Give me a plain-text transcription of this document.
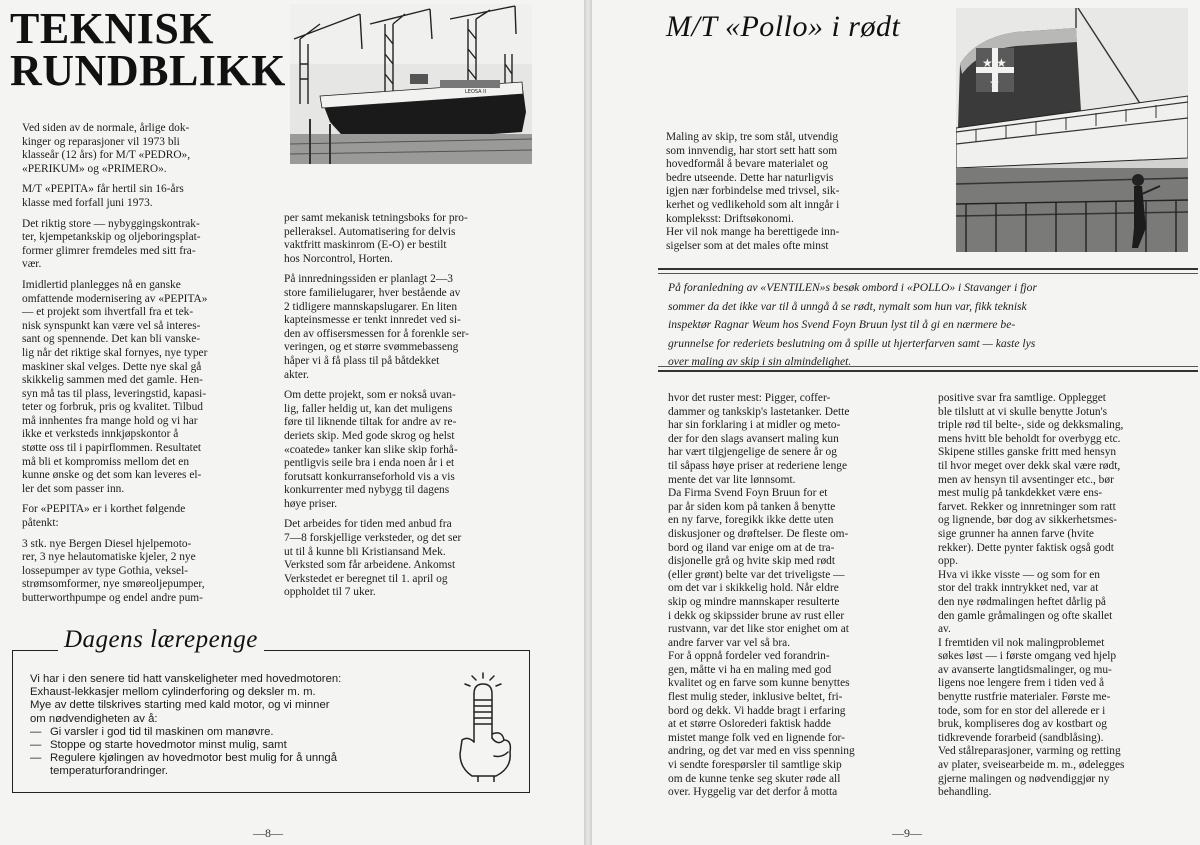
TEKNISK
RUNDBLIKK	LEOSA II

Ved siden av de normale, årlige dok-
kinger og reparasjoner vil 1973 bli
klasseår (12 års) for M/T «PEDRO»,
«PERIKUM» og «PRIMERO».

M/T «PEPITA» får hertil sin 16-års
klasse med forfall juni 1973.

Det riktig store — nybyggingskontrak-
ter, kjempetankskip og oljeboringsplat-
former glimrer fremdeles med sitt fra-
vær.

Imidlertid planlegges nå en ganske
omfattende modernisering av «PEPITA»
— et projekt som ihvertfall fra et tek-
nisk synspunkt kan være vel så interes-
sant og spennende. Det kan bli vanske-
lig når det riktige skal fornyes, nye typer
maskiner skal velges. Dette nye skal gå
skikkelig sammen med det gamle. Hen-
syn må tas til plass, leveringstid, kapasi-
teter og forbruk, pris og kvalitet. Tilbud
må innhentes fra mange hold og vi har
ikke et verksteds innkjøpskontor å
støtte oss til i papirflommen. Resultatet
må bli et kompromiss mellom det en
kunne ønske og det som kan leveres el-
ler det som passer inn.

For «PEPITA» er i korthet følgende
påtenkt:

3 stk. nye Bergen Diesel hjelpemoto-
rer, 3 nye helautomatiske kjeler, 2 nye
lossepumper av type Gothia, veksel-
strømsomformer, nye smøreoljepumper,
butterworthpumpe og endel andre pum-

per samt mekanisk tetningsboks for pro-
pelleraksel. Automatisering for delvis
vaktfritt maskinrom (E-O) er bestilt
hos Norcontrol, Horten.

På innredningssiden er planlagt 2—3
store familielugarer, hver bestående av
2 tidligere mannskapslugarer. En liten
kapteinsmesse er tenkt innredet ved si-
den av offisersmessen for å forenkle ser-
veringen, og et større svømmebasseng
håper vi å få plass til på båtdekket
akter.

Om dette projekt, som er nokså uvan-
lig, faller heldig ut, kan det muligens
føre til liknende tiltak for andre av re-
deriets skip. Med gode skrog og helst
«coatede» tanker kan slike skip forhå-
pentligvis seile bra i enda noen år i et
forutsatt konkurranseforhold vis a vis
konkurrenter med nybygg til dagens
høye priser.

Det arbeides for tiden med anbud fra
7—8 forskjellige verksteder, og det ser
ut til å kunne bli Kristiansand Mek.
Verksted som får arbeidene. Ankomst
Verkstedet er beregnet til 1. april og
oppholdet til 7 uker.

Dagens lærepenge
Vi har i den senere tid hatt vanskeligheter med hovedmotoren:
Exhaust-lekkasjer mellom cylinderforing og deksler m. m.
Mye av dette tilskrives starting med kald motor, og vi minner
om nødvendigheten av å:
— Gi varsler i god tid til maskinen om manøvre.
— Stoppe og starte hovedmotor minst mulig, samt
— Regulere kjølingen av hovedmotor best mulig for å unngå
temperaturforandringer.
—8—
M/T «Pollo» i rødt
★ ★
★

Maling av skip, tre som stål, utvendig
som innvendig, har stort sett hatt som
hovedformål å bevare materialet og
bedre utseende. Dette har naturligvis
igjen nær forbindelse med trivsel, sik-
kerhet og vedlikehold som alt inngår i
kompleksst: Driftsøkonomi.

Her vil nok mange ha berettigede inn-
sigelser som at det males ofte minst

På foranledning av «VENTILEN»s besøk ombord i «POLLO» i Stavanger i fjor
sommer da det ikke var til å unngå å se rødt, nymalt som hun var, fikk teknisk
inspektør Ragnar Weum hos Svend Foyn Bruun lyst til å gi en nærmere be-
grunnelse for rederiets beslutning om å spille ut hjerterfarven samt — kaste lys
over maling av skip i sin almindelighet.

hvor det ruster mest: Pigger, coffer-
dammer og tankskip's lastetanker. Dette
har sin forklaring i at midler og meto-
der for den slags avansert maling kun
har vært tilgjengelige de senere år og
til såpass høye priser at rederiene lenge
mente det var lite lønnsomt.

Da Firma Svend Foyn Bruun for et
par år siden kom på tanken å benytte
en ny farve, foregikk ikke dette uten
diskusjoner og drøftelser. De fleste om-
bord og iland var enige om at de tra-
disjonelle grå og hvite skip med rødt
(eller grønt) belte var det triveligste —
om det var i skikkelig hold. Når eldre
skip og mindre mannskaper resulterte
i dekk og skipssider brune av rust eller
rustvann, var det like stor enighet om at
andre farver var vel så bra.

For å oppnå fordeler ved forandrin-
gen, måtte vi ha en maling med god
kvalitet og en farve som kunne benyttes
flest mulig steder, inklusive beltet, fri-
bord og dekk. Vi hadde bragt i erfaring
at et større Oslorederi faktisk hadde
mistet mange folk ved en lignende for-
andring, og det var med en viss spenning
vi sendte forespørsler til samtlige skip
om de kunne tenke seg skuter røde all
over. Hyggelig var det derfor å motta

positive svar fra samtlige. Opplegget
ble tilslutt at vi skulle benytte Jotun's
triple rød til belte-, side og dekksmaling,
mens hvitt ble beholdt for overbygg etc.
Skipene stilles ganske fritt med hensyn
til hvor meget over dekk skal være rødt,
men av hensyn til avsentinger etc., bør
mest mulig på tankdekket være ens-
farvet. Rekker og innretninger som ratt
og lignende, bør dog av sikkerhetsmes-
sige grunner ha annen farve (hvite
rekker). Dette pynter faktisk også godt
opp.

Hva vi ikke visste — og som for en
stor del trakk inntrykket ned, var at
den nye rødmalingen heftet dårlig på
den gamle gråmalingen og ofte skallet
av.

I fremtiden vil nok malingproblemet
søkes løst — i første omgang ved hjelp
av avanserte langtidsmalinger, og mu-
ligens noe lengere frem i tiden ved å
benytte rustfrie materialer. Første me-
tode, som for en stor del allerede er i
bruk, kompliseres dog av kostbart og
tidkrevende forarbeid (sandblåsing).
Ved stålreparasjoner, varming og retting
av plater, sveisearbeide m. m., ødelegges
gjerne malingen og nødvendiggjør ny
behandling.

—9—
